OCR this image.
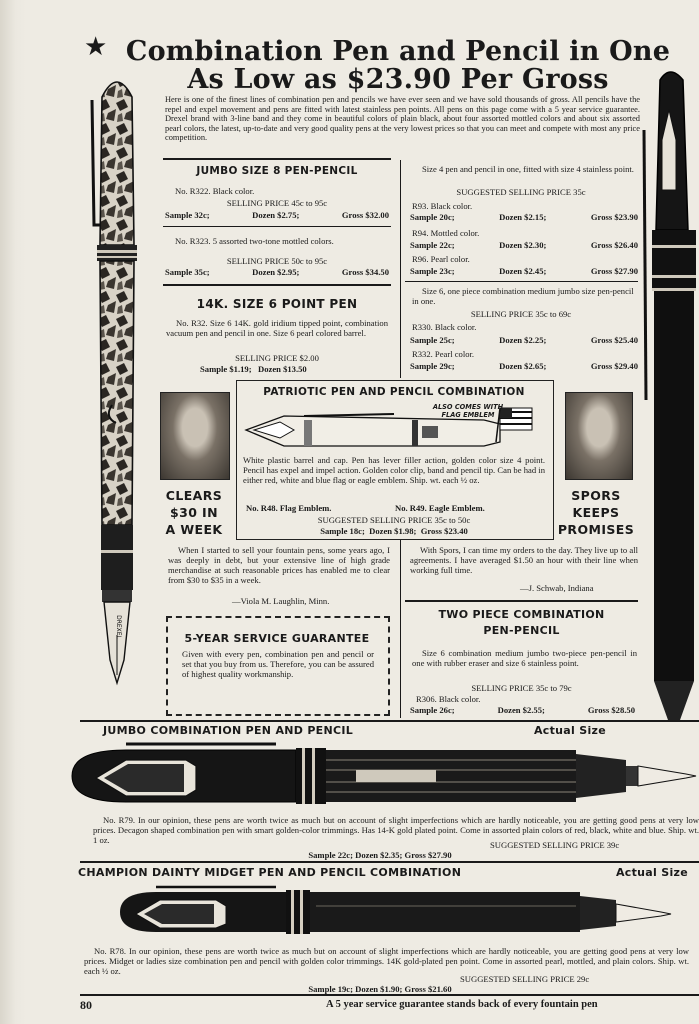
★ Combination Pen and Pencil in One
As Low as $23.90 Per Gross
Here is one of the finest lines of combination pen and pencils we have ever seen and we have sold thousands of gross. All pencils have the repel and expel movement and pens are fitted with latest stainless pen points. All pens on this page come with a 5 year service guarantee. Drexel brand with 3-line band and they come in beautiful colors of plain black, about four assorted mottled colors and about six assorted pearl colors, the latest, up-to-date and very good quality pens at the very lowest prices so that you can meet and compete with most any price competition.
DREXEL
JUMBO SIZE 8 PEN-PENCIL
No. R322. Black color.
SELLING PRICE 45c to 95c
Sample 32c;	Dozen $2.75;	Gross $32.00
No. R323. 5 assorted two-tone mottled colors.
SELLING PRICE 50c to 95c
Sample 35c;	Dozen $2.95;	Gross $34.50
14K. SIZE 6 POINT PEN
No. R32. Size 6 14K. gold iridium tipped point, combination vacuum pen and pencil in one. Size 6 pearl colored barrel.
SELLING PRICE $2.00
Sample $1.19; Dozen $13.50
Size 4 pen and pencil in one, fitted with size 4 stainless point.
SUGGESTED SELLING PRICE 35c
R93. Black color.
Sample 20c;	Dozen $2.15;	Gross $23.90
R94. Mottled color.
Sample 22c;	Dozen $2.30;	Gross $26.40
R96. Pearl color.
Sample 23c;	Dozen $2.45;	Gross $27.90
Size 6, one piece combination medium jumbo size pen-pencil in one.
SELLING PRICE 35c to 69c
R330. Black color.
Sample 25c;	Dozen $2.25;	Gross $25.40
R332. Pearl color.
Sample 29c;	Dozen $2.65;	Gross $29.40
CLEARS
$30 IN
A WEEK
PATRIOTIC PEN AND PENCIL COMBINATION
ALSO COMES WITH FLAG EMBLEM
White plastic barrel and cap. Pen has lever filler action, golden color size 4 point. Pencil has expel and impel action. Golden color clip, band and pencil tip. Can be had in either red, white and blue flag or eagle emblem. Ship. wt. each ½ oz.
No. R48. Flag Emblem.	No. R49. Eagle Emblem.
SUGGESTED SELLING PRICE 35c to 50c
Sample 18c; Dozen $1.98; Gross $23.40
SPORS
KEEPS
PROMISES
When I started to sell your fountain pens, some years ago, I was deeply in debt, but your extensive line of high grade merchandise at such reasonable prices has enabled me to clear from $30 to $35 in a week.
—Viola M. Laughlin, Minn.
With Spors, I can time my orders to the day. They live up to all agreements. I have averaged $1.50 an hour with their line when working full time.
—J. Schwab, Indiana
5-YEAR SERVICE GUARANTEE
Given with every pen, combination pen and pencil or set that you buy from us. Therefore, you can be assured of highest quality workmanship.
TWO PIECE COMBINATION
PEN-PENCIL
Size 6 combination medium jumbo two-piece pen-pencil in one with rubber eraser and size 6 stainless point.
SELLING PRICE 35c to 79c
R306. Black color.
Sample 26c;	Dozen $2.55;	Gross $28.50
JUMBO COMBINATION PEN AND PENCIL	Actual Size
No. R79. In our opinion, these pens are worth twice as much but on account of slight imperfections which are hardly noticeable, you are getting good pens at very low prices. Decagon shaped combination pen with smart golden-color trimmings. Has 14-K gold plated point. Come in assorted plain colors of red, black, white and blue. Ship. wt. 1 oz.	SUGGESTED SELLING PRICE 39c
Sample 22c; Dozen $2.35; Gross $27.90
CHAMPION DAINTY MIDGET PEN AND PENCIL COMBINATION	Actual Size
No. R78. In our opinion, these pens are worth twice as much but on account of slight imperfections which are hardly noticeable, you are getting good pens at very low prices. Midget or ladies size combination pen and pencil with golden color trimmings. 14K gold-plated pen point. Come in assorted pearl, mottled, and plain colors. Ship. wt. each ½ oz.
SUGGESTED SELLING PRICE 29c
Sample 19c; Dozen $1.90; Gross $21.60
80	A 5 year service guarantee stands back of every fountain pen
